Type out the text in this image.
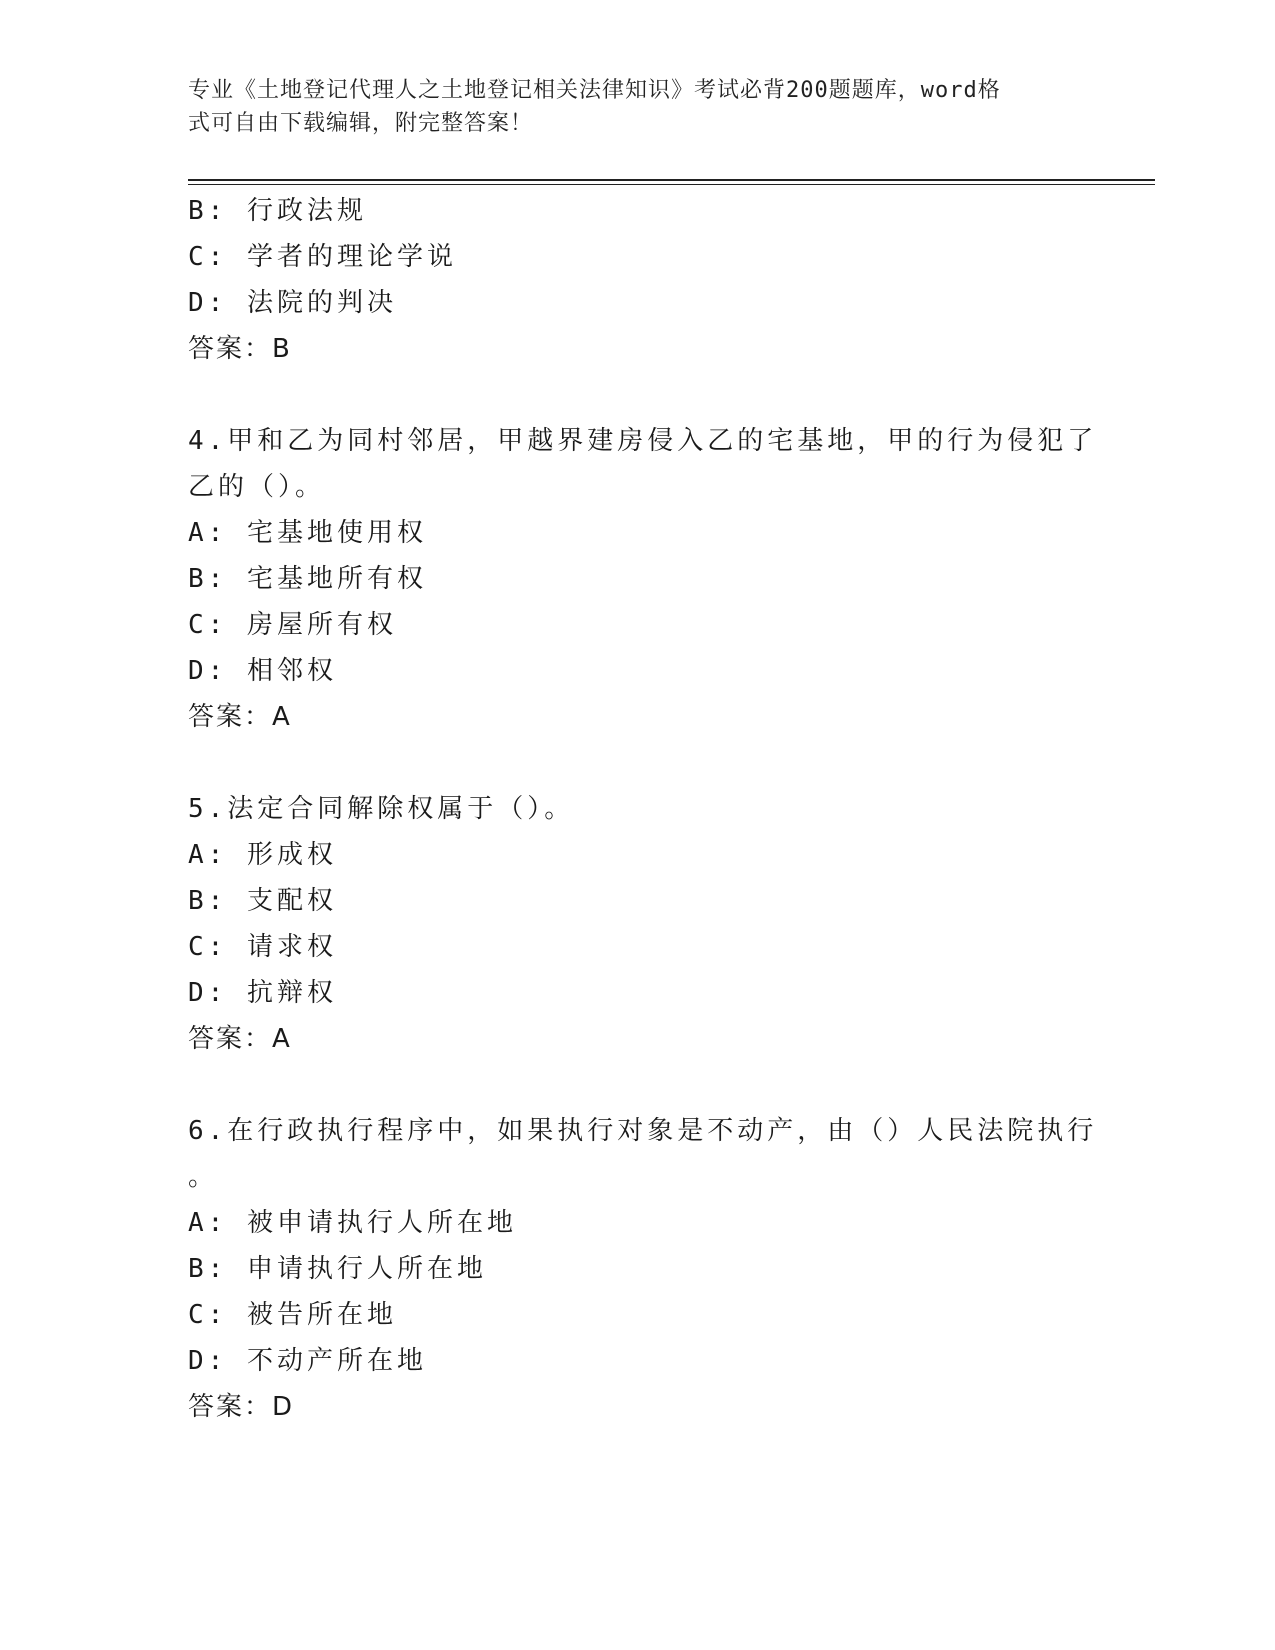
专业《土地登记代理人之土地登记相关法律知识》考试必背200题题库，word格
式可自由下载编辑，附完整答案！
B: 行政法规
C: 学者的理论学说
D: 法院的判决
答案：B
4.甲和乙为同村邻居，甲越界建房侵入乙的宅基地，甲的行为侵犯了
乙的（）。
A: 宅基地使用权
B: 宅基地所有权
C: 房屋所有权
D: 相邻权
答案：A
5.法定合同解除权属于（）。
A: 形成权
B: 支配权
C: 请求权
D: 抗辩权
答案：A
6.在行政执行程序中，如果执行对象是不动产，由（）人民法院执行
。
A: 被申请执行人所在地
B: 申请执行人所在地
C: 被告所在地
D: 不动产所在地
答案：D
